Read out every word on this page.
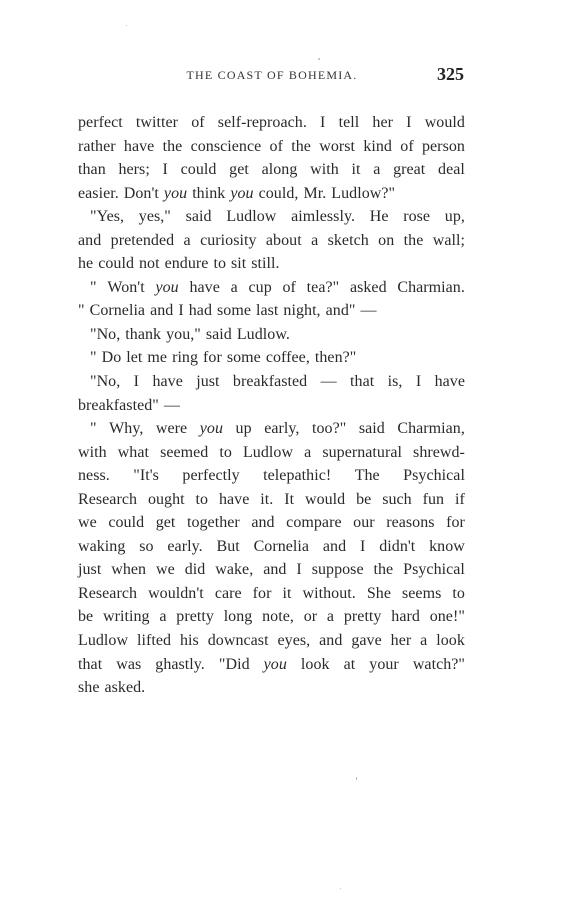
THE COAST OF BOHEMIA.	325
perfect twitter of self-reproach. I tell her I would
rather have the conscience of the worst kind of person
than hers; I could get along with it a great deal
easier. Don't you think you could, Mr. Ludlow?"
"Yes, yes," said Ludlow aimlessly. He rose up,
and pretended a curiosity about a sketch on the wall;
he could not endure to sit still.
" Won't you have a cup of tea?" asked Charmian.
" Cornelia and I had some last night, and" —
"No, thank you," said Ludlow.
" Do let me ring for some coffee, then?"
"No, I have just breakfasted — that is, I have
breakfasted" —
" Why, were you up early, too?" said Charmian,
with what seemed to Ludlow a supernatural shrewd-
ness. "It's perfectly telepathic! The Psychical
Research ought to have it. It would be such fun if
we could get together and compare our reasons for
waking so early. But Cornelia and I didn't know
just when we did wake, and I suppose the Psychical
Research wouldn't care for it without. She seems to
be writing a pretty long note, or a pretty hard one!"
Ludlow lifted his downcast eyes, and gave her a look
that was ghastly. "Did you look at your watch?"
she asked.
